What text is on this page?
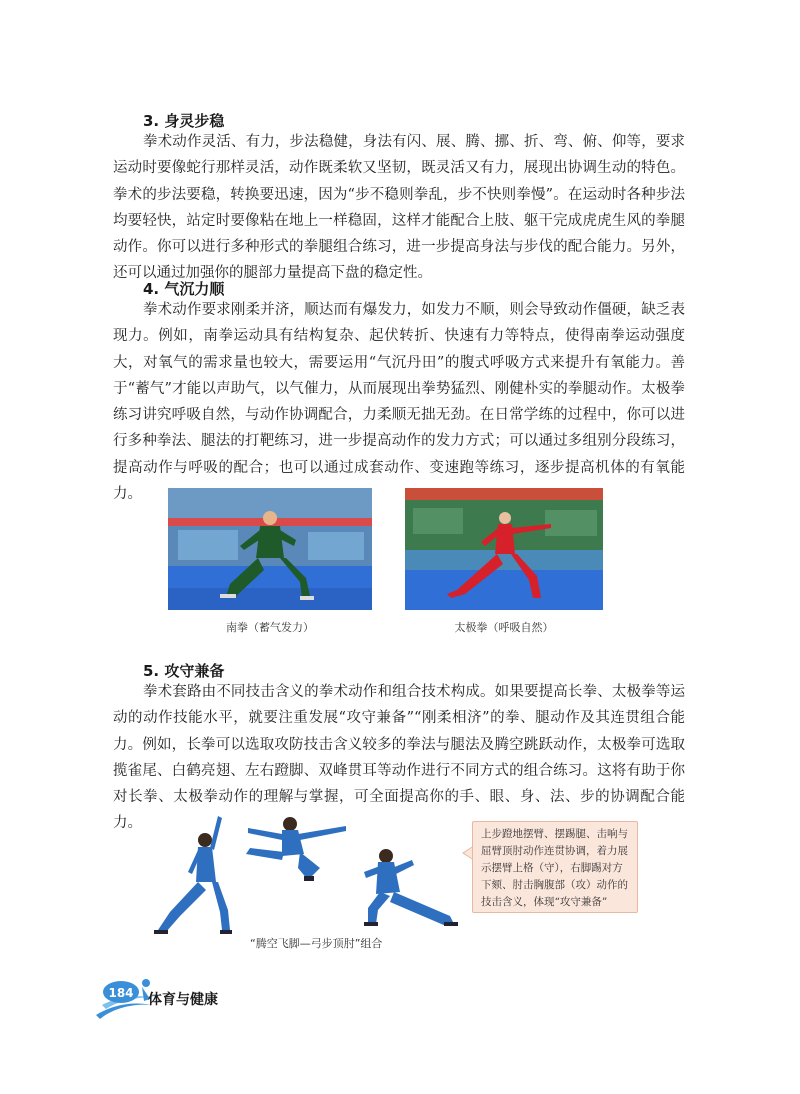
3. 身灵步稳

拳术动作灵活、有力，步法稳健，身法有闪、展、腾、挪、折、弯、俯、仰等，要求运动时要像蛇行那样灵活，动作既柔软又坚韧，既灵活又有力，展现出协调生动的特色。拳术的步法要稳，转换要迅速，因为“步不稳则拳乱，步不快则拳慢”。在运动时各种步法均要轻快，站定时要像粘在地上一样稳固，这样才能配合上肢、躯干完成虎虎生风的拳腿动作。你可以进行多种形式的拳腿组合练习，进一步提高身法与步伐的配合能力。另外，还可以通过加强你的腿部力量提高下盘的稳定性。

4. 气沉力顺

拳术动作要求刚柔并济，顺达而有爆发力，如发力不顺，则会导致动作僵硬，缺乏表现力。例如，南拳运动具有结构复杂、起伏转折、快速有力等特点，使得南拳运动强度大，对氧气的需求量也较大，需要运用“气沉丹田”的腹式呼吸方式来提升有氧能力。善于“蓄气”才能以声助气，以气催力，从而展现出拳势猛烈、刚健朴实的拳腿动作。太极拳练习讲究呼吸自然，与动作协调配合，力柔顺无拙无劲。在日常学练的过程中，你可以进行多种拳法、腿法的打靶练习，进一步提高动作的发力方式；可以通过多组别分段练习，提高动作与呼吸的配合；也可以通过成套动作、变速跑等练习，逐步提高机体的有氧能力。

南拳（蓄气发力）	太极拳（呼吸自然）
5. 攻守兼备

拳术套路由不同技击含义的拳术动作和组合技术构成。如果要提高长拳、太极拳等运动的动作技能水平，就要注重发展“攻守兼备”“刚柔相济”的拳、腿动作及其连贯组合能力。例如，长拳可以选取攻防技击含义较多的拳法与腿法及腾空跳跃动作，太极拳可选取揽雀尾、白鹤亮翅、左右蹬脚、双峰贯耳等动作进行不同方式的组合练习。这将有助于你对长拳、太极拳动作的理解与掌握，可全面提高你的手、眼、身、法、步的协调配合能力。

上步蹬地摆臂、摆踢腿、击响与屈臂顶肘动作连贯协调，着力展示摆臂上格（守），右脚踢对方下颏、肘击胸腹部（攻）动作的技击含义，体现“攻守兼备”
“腾空飞脚—弓步顶肘”组合
184	体育与健康
